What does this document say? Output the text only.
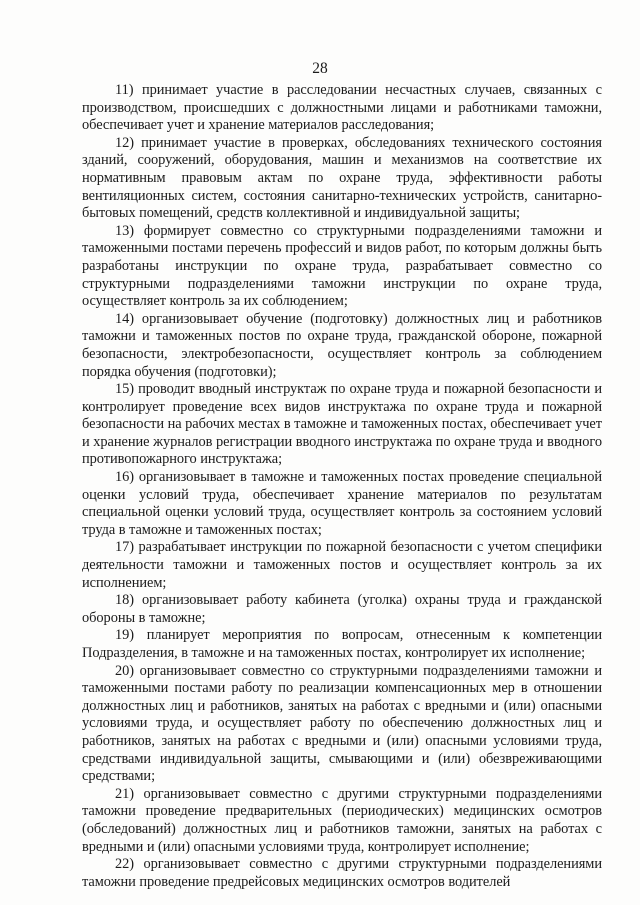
28

11) принимает участие в расследовании несчастных случаев, связанных с производством, происшедших с должностными лицами и работниками таможни, обеспечивает учет и хранение материалов расследования;

12) принимает участие в проверках, обследованиях технического состояния зданий, сооружений, оборудования, машин и механизмов на соответствие их нормативным правовым актам по охране труда, эффективности работы вентиляционных систем, состояния санитарно-технических устройств, санитарно-бытовых помещений, средств коллективной и индивидуальной защиты;

13) формирует совместно со структурными подразделениями таможни и таможенными постами перечень профессий и видов работ, по которым должны быть разработаны инструкции по охране труда, разрабатывает совместно со структурными подразделениями таможни инструкции по охране труда, осуществляет контроль за их соблюдением;

14) организовывает обучение (подготовку) должностных лиц и работников таможни и таможенных постов по охране труда, гражданской обороне, пожарной безопасности, электробезопасности, осуществляет контроль за соблюдением порядка обучения (подготовки);

15) проводит вводный инструктаж по охране труда и пожарной безопасности и контролирует проведение всех видов инструктажа по охране труда и пожарной безопасности на рабочих местах в таможне и таможенных постах, обеспечивает учет и хранение журналов регистрации вводного инструктажа по охране труда и вводного противопожарного инструктажа;

16) организовывает в таможне и таможенных постах проведение специальной оценки условий труда, обеспечивает хранение материалов по результатам специальной оценки условий труда, осуществляет контроль за состоянием условий труда в таможне и таможенных постах;

17) разрабатывает инструкции по пожарной безопасности с учетом специфики деятельности таможни и таможенных постов и осуществляет контроль за их исполнением;

18) организовывает работу кабинета (уголка) охраны труда и гражданской обороны в таможне;

19) планирует мероприятия по вопросам, отнесенным к компетенции Подразделения, в таможне и на таможенных постах, контролирует их исполнение;

20) организовывает совместно со структурными подразделениями таможни и таможенными постами работу по реализации компенсационных мер в отношении должностных лиц и работников, занятых на работах с вредными и (или) опасными условиями труда, и осуществляет работу по обеспечению должностных лиц и работников, занятых на работах с вредными и (или) опасными условиями труда, средствами индивидуальной защиты, смывающими и (или) обезвреживающими средствами;

21) организовывает совместно с другими структурными подразделениями таможни проведение предварительных (периодических) медицинских осмотров (обследований) должностных лиц и работников таможни, занятых на работах с вредными и (или) опасными условиями труда, контролирует исполнение;

22) организовывает совместно с другими структурными подразделениями таможни проведение предрейсовых медицинских осмотров водителей
